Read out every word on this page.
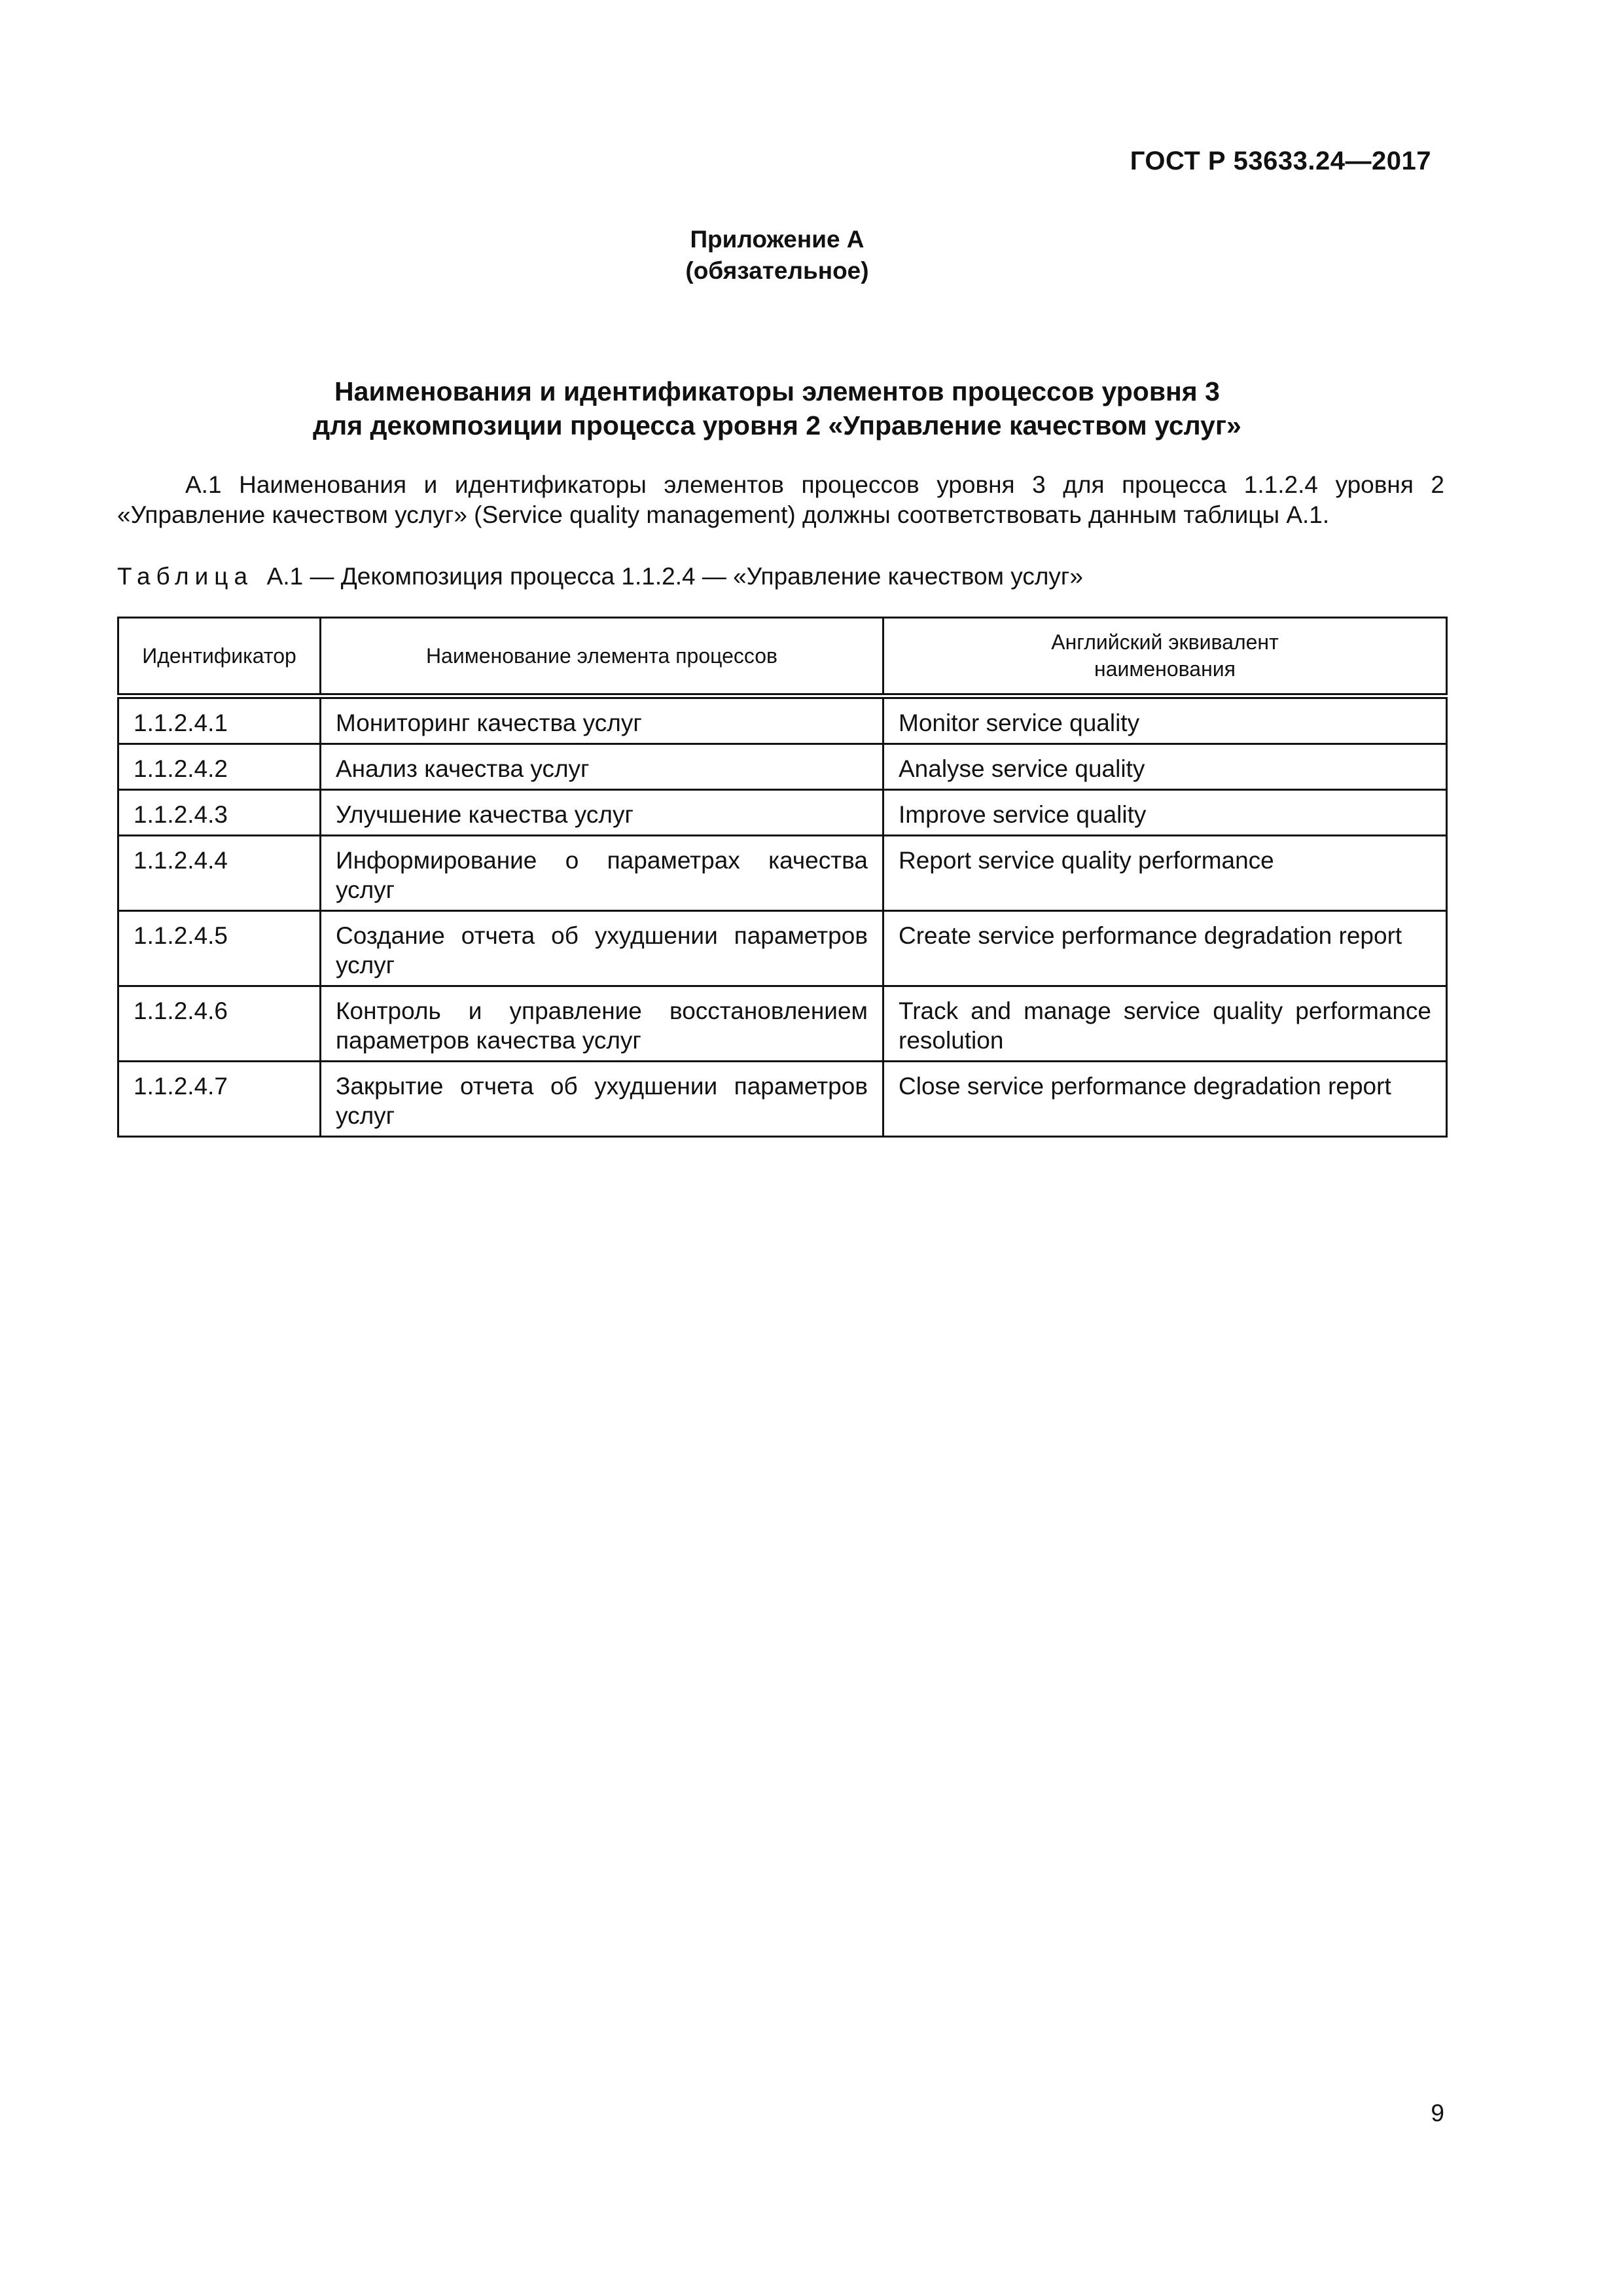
ГОСТ Р 53633.24—2017
Приложение А
(обязательное)
Наименования и идентификаторы элементов процессов уровня 3
для декомпозиции процесса уровня 2 «Управление качеством услуг»

А.1 Наименования и идентификаторы элементов процессов уровня 3 для процесса 1.1.2.4 уровня 2 «Управление качеством услуг» (Service quality management) должны соответствовать данным таблицы А.1.

Таблица А.1 — Декомпозиция процесса 1.1.2.4 — «Управление качеством услуг»
Идентификатор	Наименование элемента процессов	Английский эквивалент
наименования
1.1.2.4.1	Мониторинг качества услуг	Monitor service quality
1.1.2.4.2	Анализ качества услуг	Analyse service quality
1.1.2.4.3	Улучшение качества услуг	Improve service quality
1.1.2.4.4	Информирование о параметрах качества услуг	Report service quality performance
1.1.2.4.5	Создание отчета об ухудшении параметров услуг	Create service performance degradation report
1.1.2.4.6	Контроль и управление восстановлением параметров качества услуг	Track and manage service quality performance resolution
1.1.2.4.7	Закрытие отчета об ухудшении параметров услуг	Close service performance degradation report
9
